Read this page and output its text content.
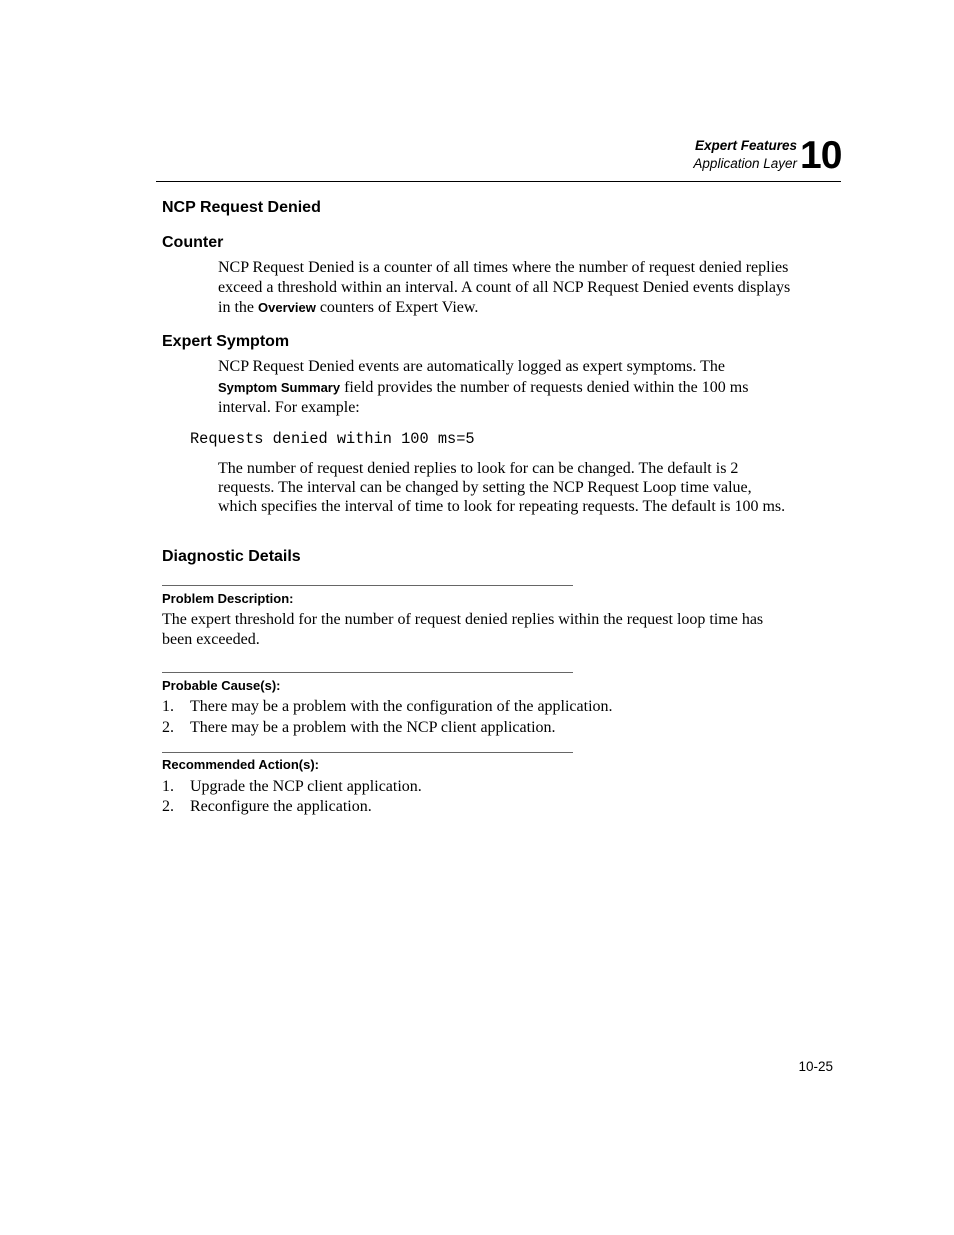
Expert Features
Application Layer 10
NCP Request Denied
Counter

NCP Request Denied is a counter of all times where the number of request denied replies exceed a threshold within an interval. A count of all NCP Request Denied events displays in the Overview counters of Expert View.

Expert Symptom

NCP Request Denied events are automatically logged as expert symptoms. The

Symptom Summary field provides the number of requests denied within the 100 ms interval. For example:

Requests denied within 100 ms=5

The number of request denied replies to look for can be changed. The default is 2 requests. The interval can be changed by setting the NCP Request Loop time value, which specifies the interval of time to look for repeating requests. The default is 100 ms.

Diagnostic Details
Problem Description:

The expert threshold for the number of request denied replies within the request loop time has been exceeded.

Probable Cause(s):
1. There may be a problem with the configuration of the application.
2. There may be a problem with the NCP client application.
Recommended Action(s):
1. Upgrade the NCP client application.
2. Reconfigure the application.
10-25
